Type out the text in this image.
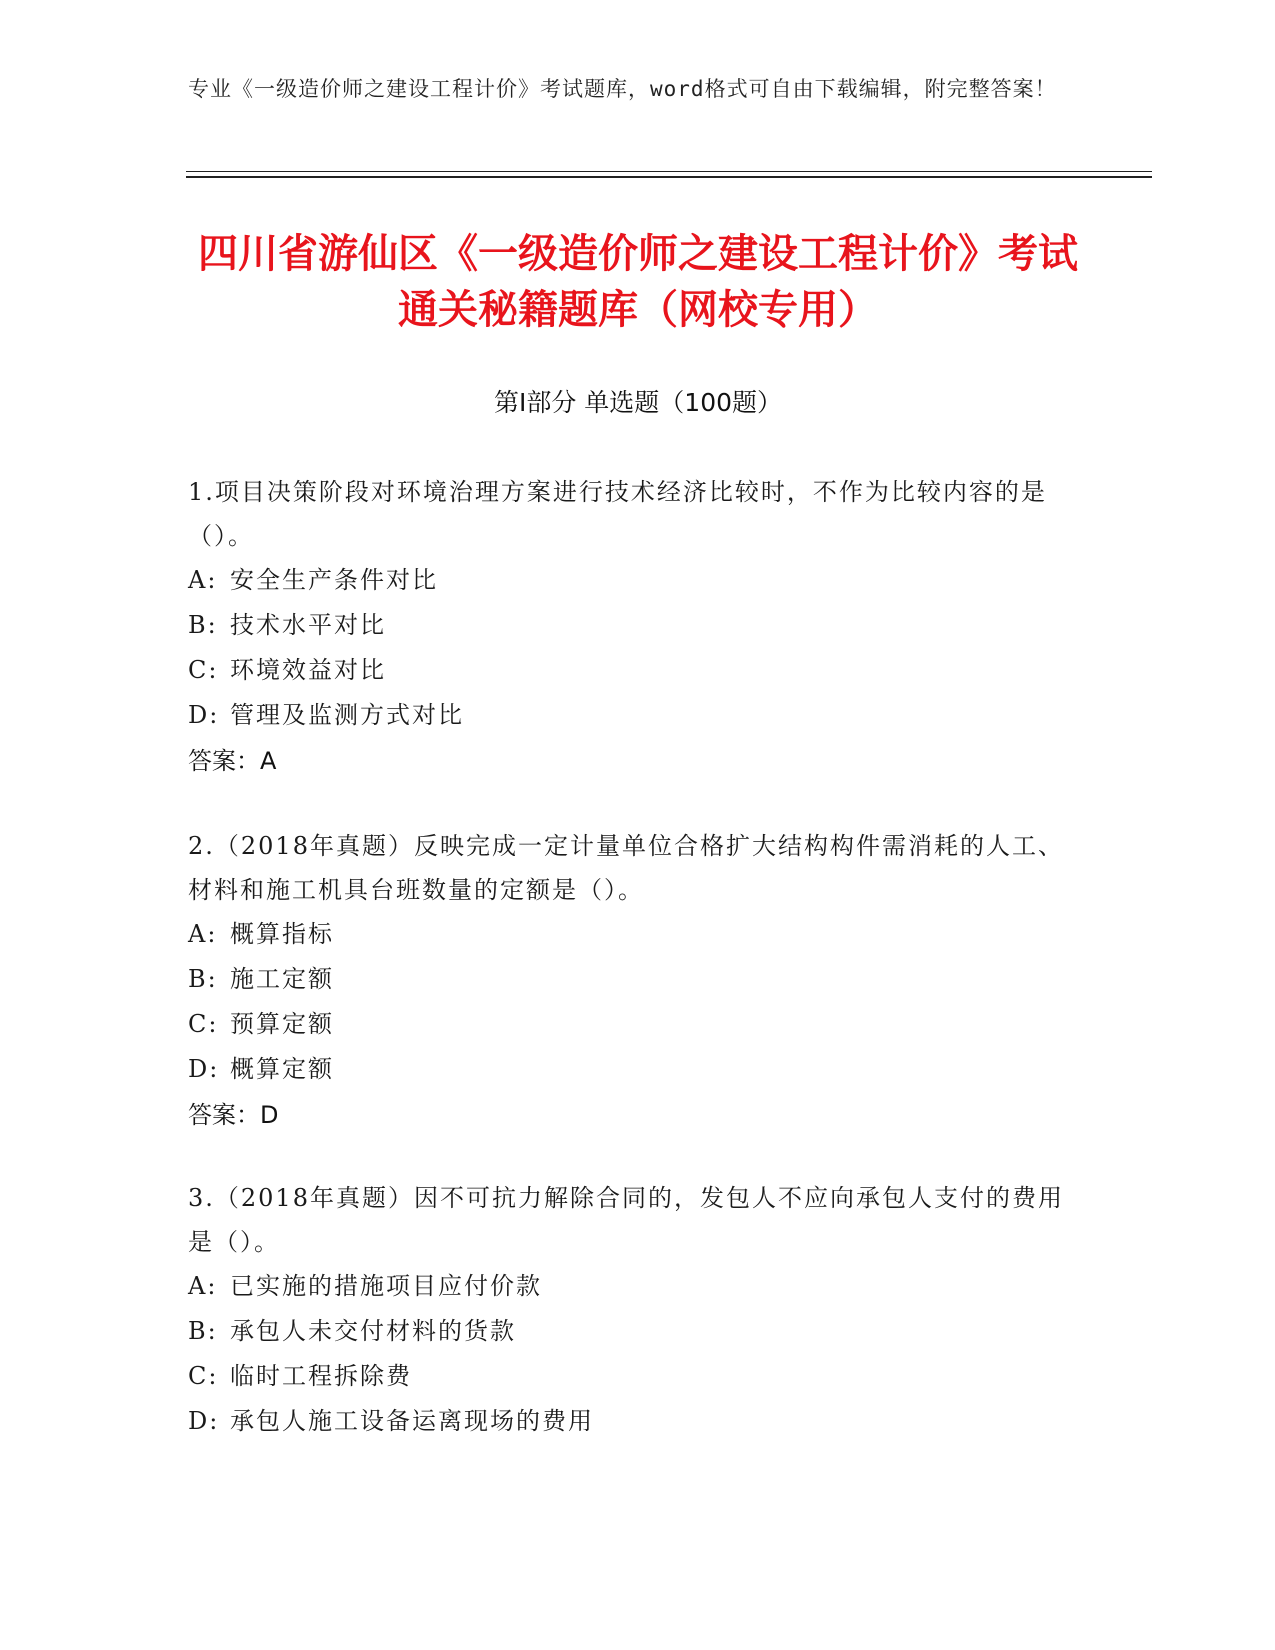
专业《一级造价师之建设工程计价》考试题库，word格式可自由下载编辑，附完整答案！
四川省游仙区《一级造价师之建设工程计价》考试通关秘籍题库（网校专用）
第I部分 单选题（100题）

1.项目决策阶段对环境治理方案进行技术经济比较时，不作为比较内容的是（）。

A: 安全生产条件对比

B: 技术水平对比

C: 环境效益对比

D: 管理及监测方式对比

答案：A

2.（2018年真题）反映完成一定计量单位合格扩大结构构件需消耗的人工、材料和施工机具台班数量的定额是（）。

A: 概算指标

B: 施工定额

C: 预算定额

D: 概算定额

答案：D

3.（2018年真题）因不可抗力解除合同的，发包人不应向承包人支付的费用是（）。

A: 已实施的措施项目应付价款

B: 承包人未交付材料的货款

C: 临时工程拆除费

D: 承包人施工设备运离现场的费用
